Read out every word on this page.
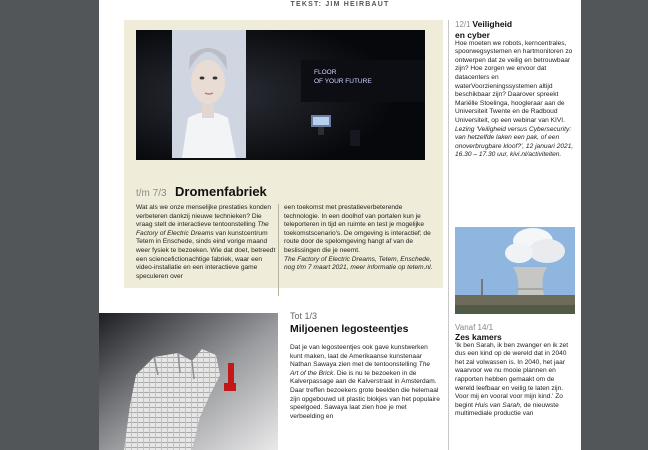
TEKST: JIM HEIRBAUT
FLOOR
OF YOUR FUTURE
t/m 7/3 Dromenfabriek
Wat als we onze menselijke prestaties konden verbeteren dankzij nieuwe technieken? Die vraag stelt de interactieve tentoonstelling The Factory of Electric Dreams van kunstcentrum Tetem in Enschede, sinds eind vorige maand weer fysiek te bezoeken. Wie dat doet, betreedt een sciencefictionachtige fabriek, waar een video-installatie en een interactieve game speculeren over
een toekomst met prestatieverbeterende technologie. In een doolhof van portalen kun je teleporteren in tijd en ruimte en test je mogelijke toekomstscenario's. De omgeving is interactief; de route door de spelomgeving hangt af van de beslissingen die je neemt.
The Factory of Electric Dreams, Tetem, Enschede, nog t/m 7 maart 2021, meer informatie op tetem.nl.
Tot 1/3
Miljoenen legosteentjes
Dat je van legosteentjes ook gave kunstwerken kunt maken, laat de Amerikaanse kunstenaar Nathan Sawaya zien met de tentoonstelling The Art of the Brick. Die is nu te bezoeken in de Kalverpassage aan de Kalverstraat in Amsterdam. Daar treffen bezoekers grote beelden die helemaal zijn opgebouwd uit plastic blokjes van het populaire speelgoed. Sawaya laat zien hoe je met verbeelding en
12/1 Veiligheid
en cyber
Hoe moeten we robots, kerncentrales, spoorwegsystemen en hartmonitoren zo ontwerpen dat ze veilig en betrouwbaar zijn? Hoe zorgen we ervoor dat datacenters en waterVoorzieningssystemen altijd beschikbaar zijn? Daarover spreekt Mariëlle Stoelinga, hoogleraar aan de Universiteit Twente en de Radboud Universiteit, op een webinar van KIVI.
Lezing 'Veiligheid versus Cybersecurity: van hetzelfde laken een pak, of een onoverbrugbare kloof?', 12 januari 2021, 16.30 – 17.30 uur, kivi.nl/activiteiten.
Vanaf 14/1
Zes kamers
'Ik ben Sarah, ik ben zwanger en ik zet dus een kind op de wereld dat in 2040 het zal volwassen is. In 2040, het jaar waarvoor we nu mooie plannen en rapporten hebben gemaakt om de wereld leefbaar en veilig te laten zijn. Voor mij en vooral voor mijn kind.' Zo begint Huis van Sarah, de nieuwste multimediale productie van
